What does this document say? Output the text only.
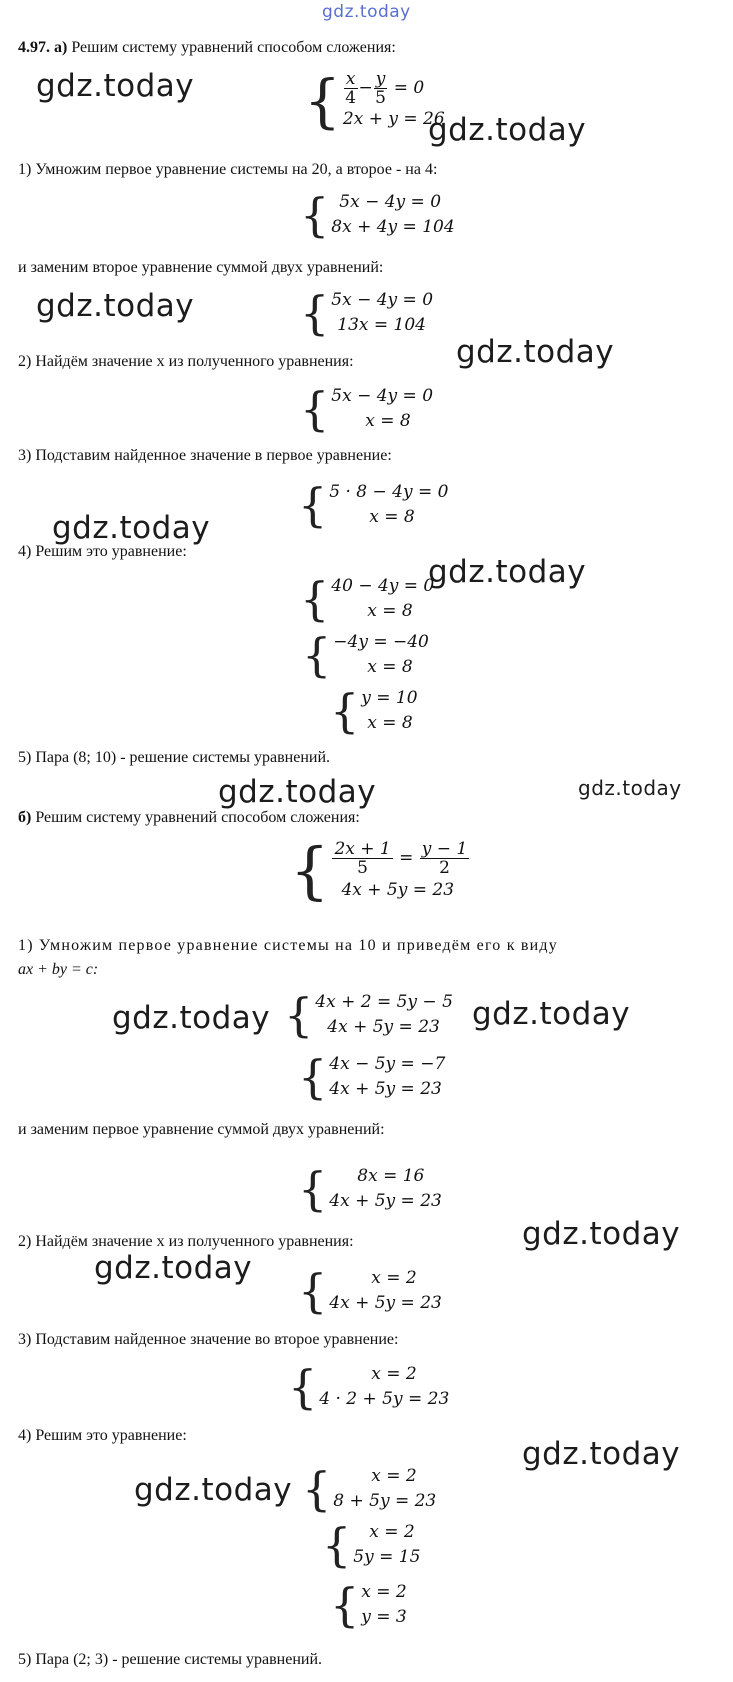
gdz.today
gdz.today
gdz.today
gdz.today
gdz.today
gdz.today
gdz.today
gdz.today	gdz.today
gdz.today	gdz.today
gdz.today
gdz.today
gdz.today
gdz.today
4.97. а) Решим систему уравнений способом сложения:
{ $\frac{x}{4} - \frac{y}{5} = 0$
2x + y = 26
1) Умножим первое уравнение системы на 20, а второе - на 4:
{ 5x − 4y = 0
8x + 4y = 104
и заменим второе уравнение суммой двух уравнений:
{ 5x − 4y = 0
13x = 104
2) Найдём значение x из полученного уравнения:
{ 5x − 4y = 0
x = 8
3) Подставим найденное значение в первое уравнение:
{ 5 · 8 − 4y = 0
x = 8
4) Решим это уравнение:
{ 40 − 4y = 0
x = 8
{ −4y = −40
x = 8
{ y = 10
x = 8
5) Пара (8; 10) - решение системы уравнений.
б) Решим систему уравнений способом сложения:
{ $\frac{2x + 1}{5} = \frac{y - 1}{2}$
4x + 5y = 23
1) Умножим первое уравнение системы на 10 и приведём его к виду
ax + by = c:
{ 4x + 2 = 5y − 5
4x + 5y = 23
{ 4x − 5y = −7
4x + 5y = 23
и заменим первое уравнение суммой двух уравнений:
{	8x = 16
4x + 5y = 23
2) Найдём значение x из полученного уравнения:
{	x = 2
4x + 5y = 23
3) Подставим найденное значение во второе уравнение:
{	x = 2
4 · 2 + 5y = 23
4) Решим это уравнение:
{	x = 2
8 + 5y = 23
{	x = 2
5y = 15
{ x = 2
y = 3
5) Пара (2; 3) - решение системы уравнений.
